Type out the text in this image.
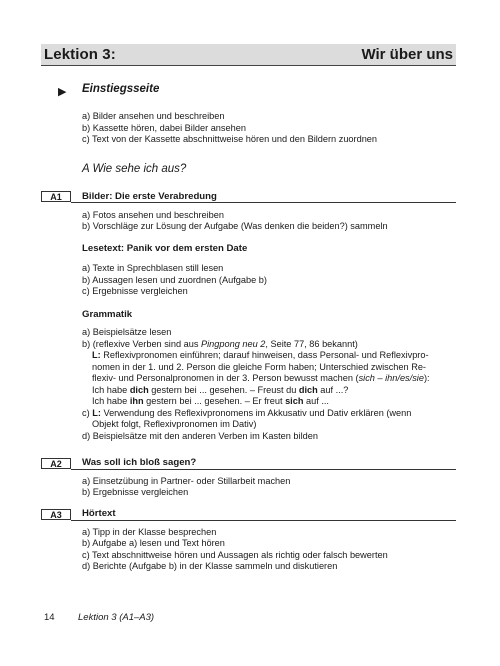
Lektion 3:	Wir über uns
▶ Einstiegsseite
a) Bilder ansehen und beschreiben
b) Kassette hören, dabei Bilder ansehen
c) Text von der Kassette abschnittweise hören und den Bildern zuordnen
A Wie sehe ich aus?
A1	Bilder: Die erste Verabredung
a) Fotos ansehen und beschreiben
b) Vorschläge zur Lösung der Aufgabe (Was denken die beiden?) sammeln
Lesetext: Panik vor dem ersten Date
a) Texte in Sprechblasen still lesen
b) Aussagen lesen und zuordnen (Aufgabe b)
c) Ergebnisse vergleichen
Grammatik
a) Beispielsätze lesen
b) (reflexive Verben sind aus Pingpong neu 2, Seite 77, 86 bekannt)
L: Reflexivpronomen einführen; darauf hinweisen, dass Personal- und Reflexivpro-
nomen in der 1. und 2. Person die gleiche Form haben; Unterschied zwischen Re-
flexiv- und Personalpronomen in der 3. Person bewusst machen (sich – ihn/es/sie):
Ich habe dich gestern bei ... gesehen. – Freust du dich auf ...?
Ich habe ihn gestern bei ... gesehen. – Er freut sich auf ...
c) L: Verwendung des Reflexivpronomens im Akkusativ und Dativ erklären (wenn
Objekt folgt, Reflexivpronomen im Dativ)
d) Beispielsätze mit den anderen Verben im Kasten bilden
A2	Was soll ich bloß sagen?
a) Einsetzübung in Partner- oder Stillarbeit machen
b) Ergebnisse vergleichen
A3	Hörtext
a) Tipp in der Klasse besprechen
b) Aufgabe a) lesen und Text hören
c) Text abschnittweise hören und Aussagen als richtig oder falsch bewerten
d) Berichte (Aufgabe b) in der Klasse sammeln und diskutieren
14 Lektion 3 (A1–A3)
